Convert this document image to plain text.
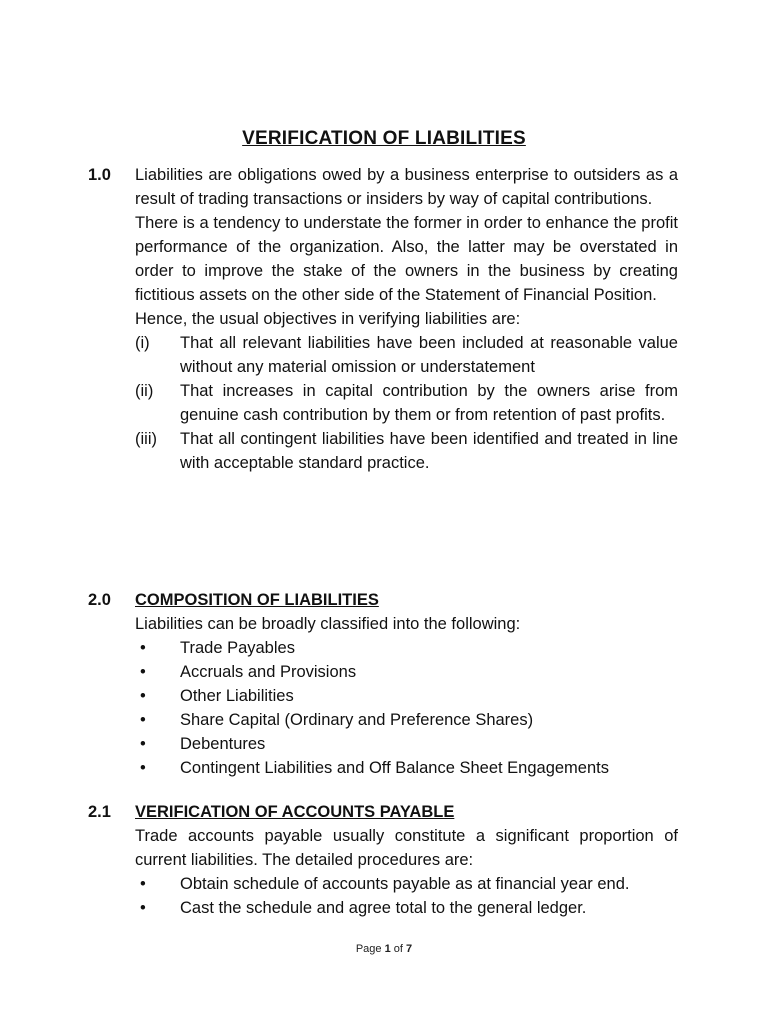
VERIFICATION OF LIABILITIES
1.0	Liabilities are obligations owed by a business enterprise to outsiders as a result of trading transactions or insiders by way of capital contributions.
There is a tendency to understate the former in order to enhance the profit performance of the organization. Also, the latter may be overstated in order to improve the stake of the owners in the business by creating fictitious assets on the other side of the Statement of Financial Position.
Hence, the usual objectives in verifying liabilities are:
(i) That all relevant liabilities have been included at reasonable value without any material omission or understatement
(ii) That increases in capital contribution by the owners arise from genuine cash contribution by them or from retention of past profits.
(iii) That all contingent liabilities have been identified and treated in line with acceptable standard practice.
2.0	COMPOSITION OF LIABILITIES
Liabilities can be broadly classified into the following:
• Trade Payables
• Accruals and Provisions
• Other Liabilities
• Share Capital (Ordinary and Preference Shares)
• Debentures
• Contingent Liabilities and Off Balance Sheet Engagements
2.1	VERIFICATION OF ACCOUNTS PAYABLE
Trade accounts payable usually constitute a significant proportion of current liabilities. The detailed procedures are:
• Obtain schedule of accounts payable as at financial year end.
• Cast the schedule and agree total to the general ledger.
Page 1 of 7
